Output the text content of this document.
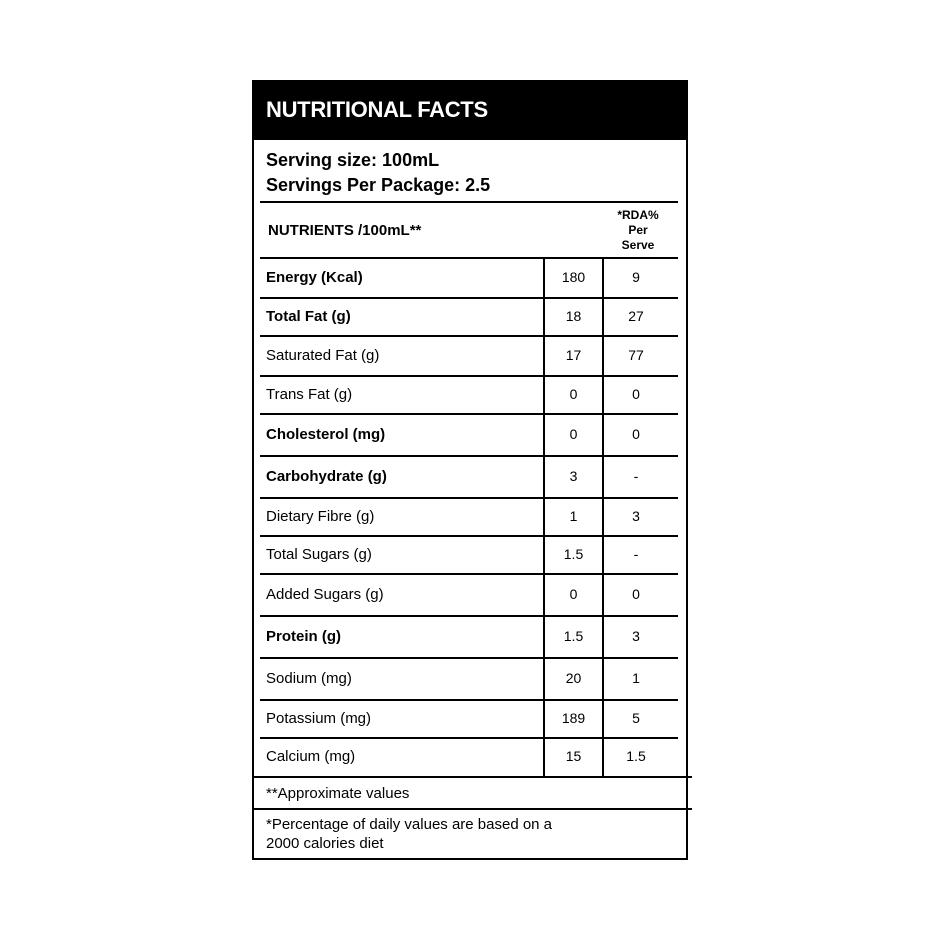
NUTRITIONAL FACTS
Serving size: 100mL
Servings Per Package: 2.5
NUTRIENTS /100mL**
*RDA%
Per
Serve
Energy (Kcal)	180	9
Total Fat (g)	18	27
Saturated Fat (g)	17	77
Trans Fat (g)	0	0
Cholesterol (mg)	0	0
Carbohydrate (g)	3	-
Dietary Fibre (g)	1	3
Total Sugars (g)	1.5	-
Added Sugars (g)	0	0
Protein (g)	1.5	3
Sodium (mg)	20	1
Potassium (mg)	189	5
Calcium (mg)	15	1.5
**Approximate values
*Percentage of daily values are based on a
2000 calories diet
